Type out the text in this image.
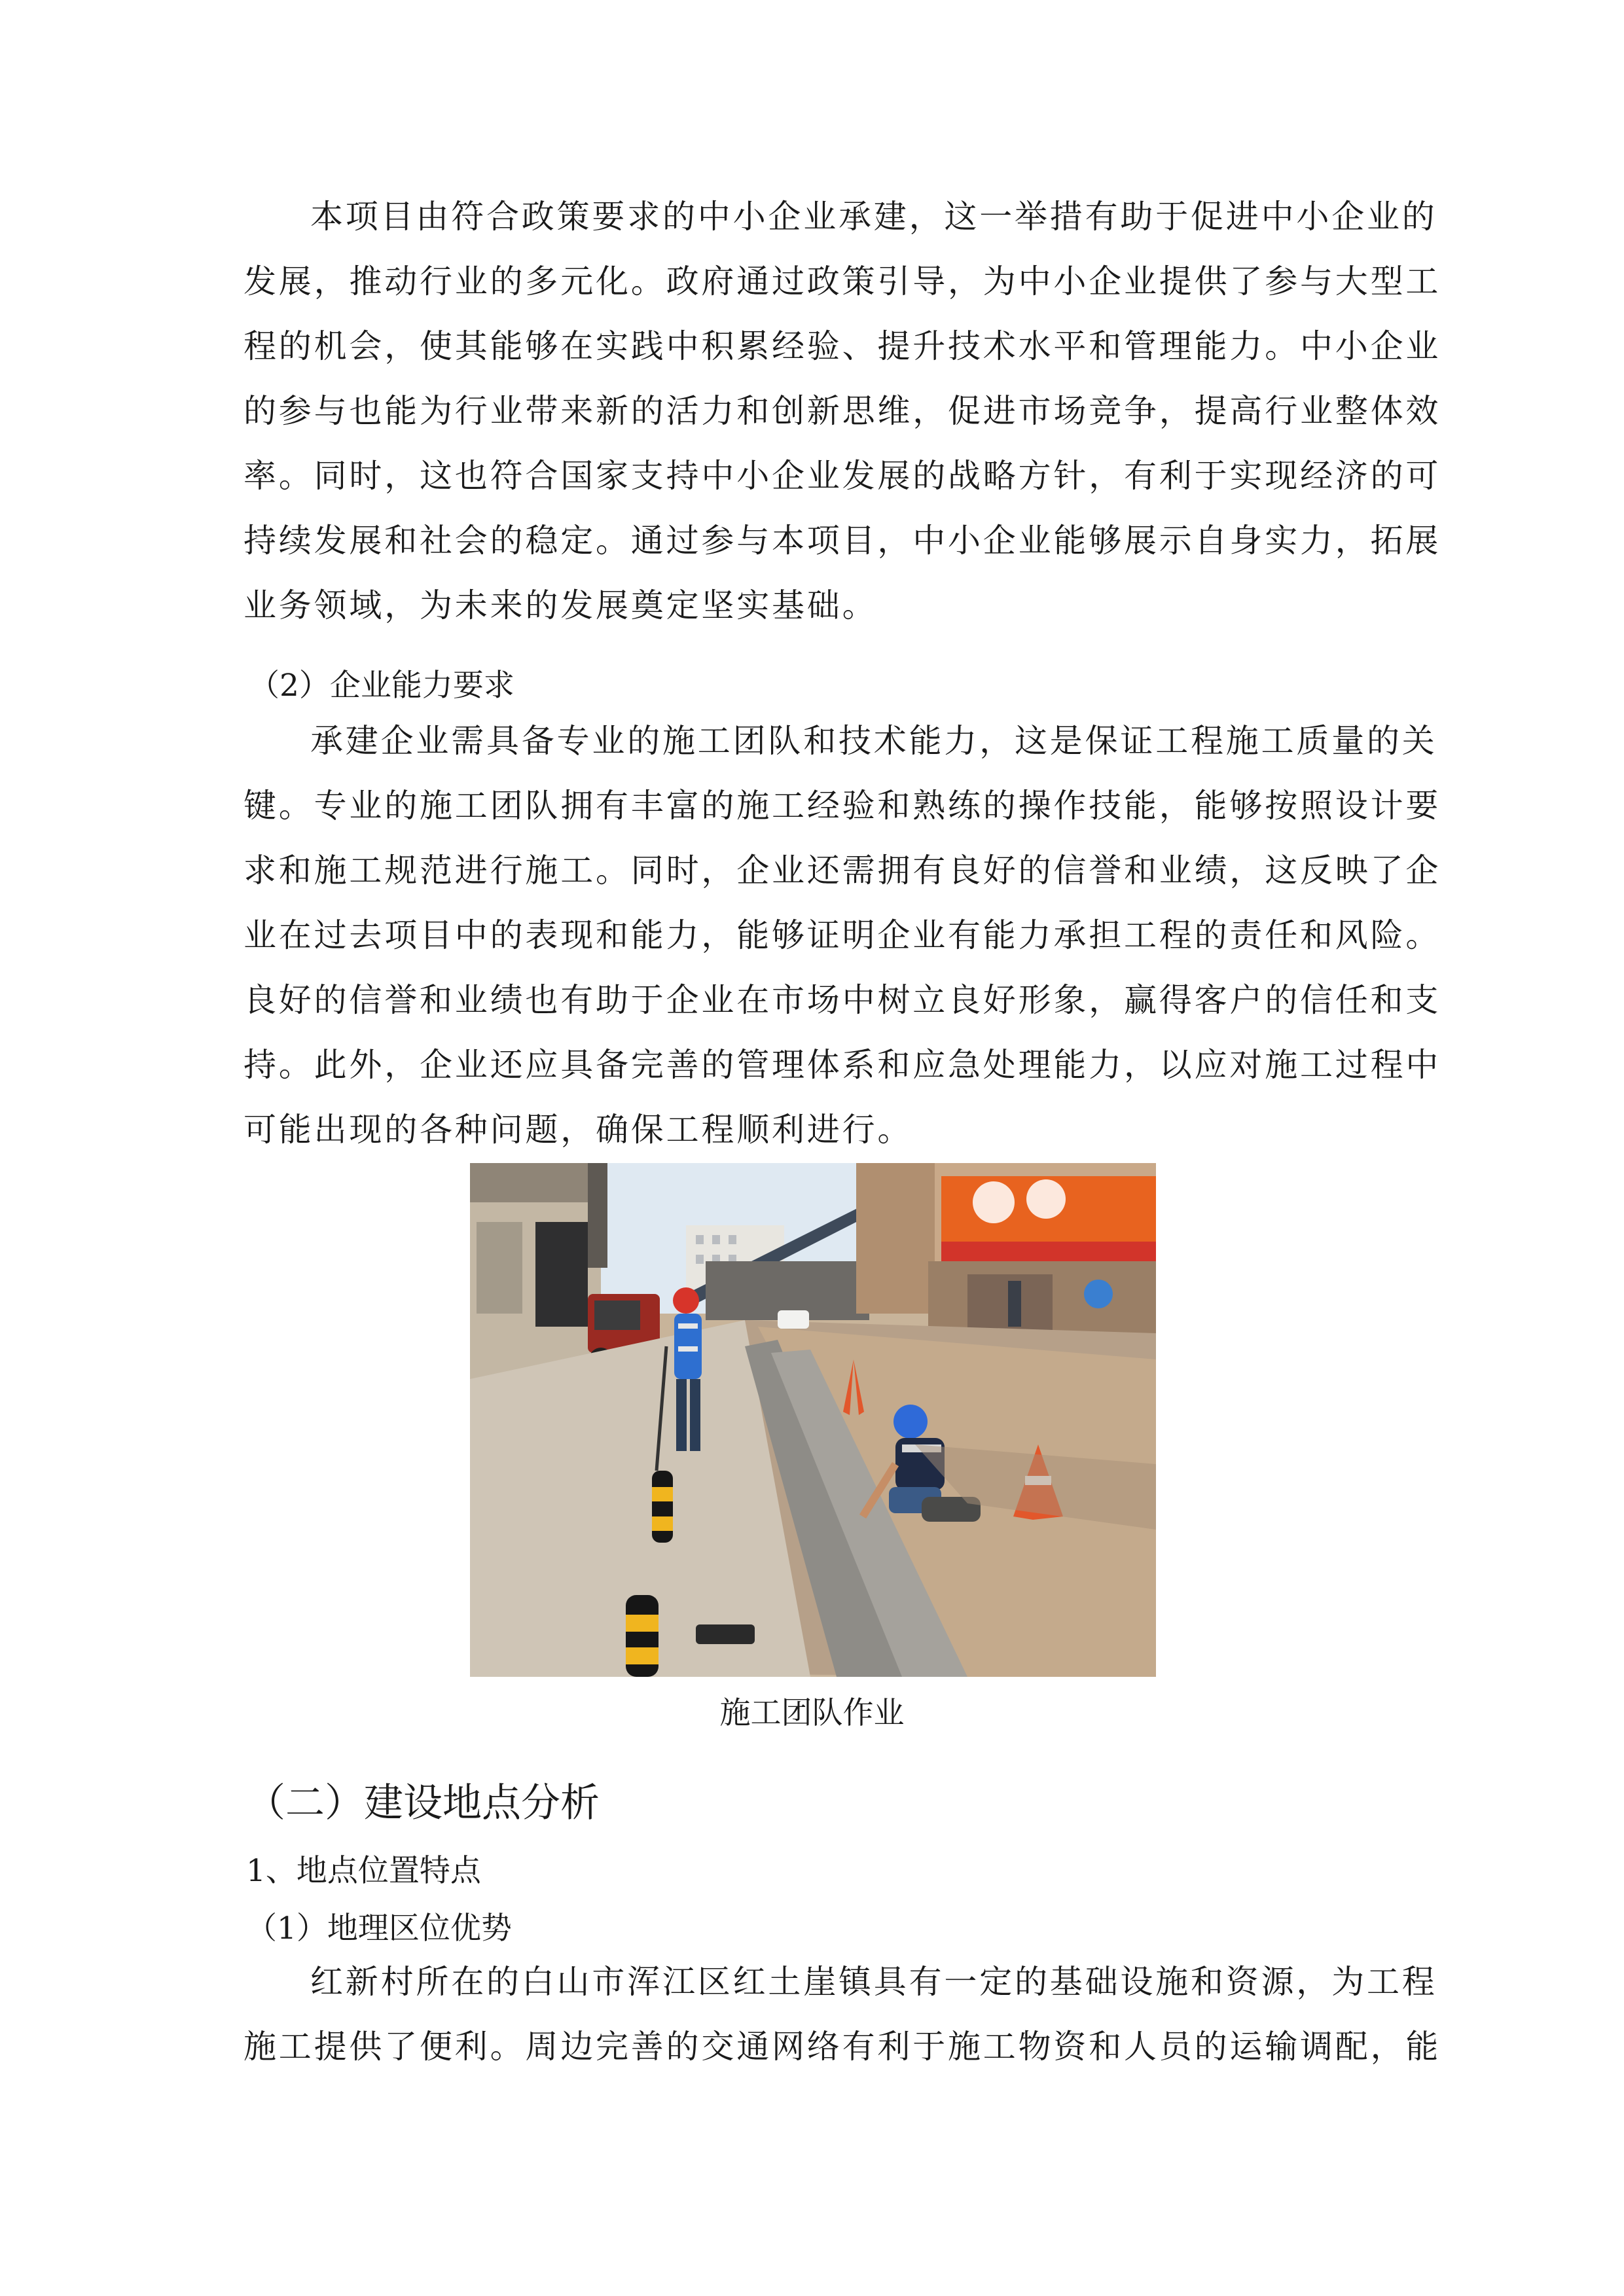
本项目由符合政策要求的中小企业承建，这一举措有助于促进中小企业的
发展，推动行业的多元化。政府通过政策引导，为中小企业提供了参与大型工
程的机会，使其能够在实践中积累经验、提升技术水平和管理能力。中小企业
的参与也能为行业带来新的活力和创新思维，促进市场竞争，提高行业整体效
率。同时，这也符合国家支持中小企业发展的战略方针，有利于实现经济的可
持续发展和社会的稳定。通过参与本项目，中小企业能够展示自身实力，拓展
业务领域，为未来的发展奠定坚实基础。

（2）企业能力要求

承建企业需具备专业的施工团队和技术能力，这是保证工程施工质量的关
键。专业的施工团队拥有丰富的施工经验和熟练的操作技能，能够按照设计要
求和施工规范进行施工。同时，企业还需拥有良好的信誉和业绩，这反映了企
业在过去项目中的表现和能力，能够证明企业有能力承担工程的责任和风险。
良好的信誉和业绩也有助于企业在市场中树立良好形象，赢得客户的信任和支
持。此外，企业还应具备完善的管理体系和应急处理能力，以应对施工过程中
可能出现的各种问题，确保工程顺利进行。

施工团队作业

（二）建设地点分析

1、地点位置特点

（1）地理区位优势

红新村所在的白山市浑江区红土崖镇具有一定的基础设施和资源，为工程
施工提供了便利。周边完善的交通网络有利于施工物资和人员的运输调配，能
